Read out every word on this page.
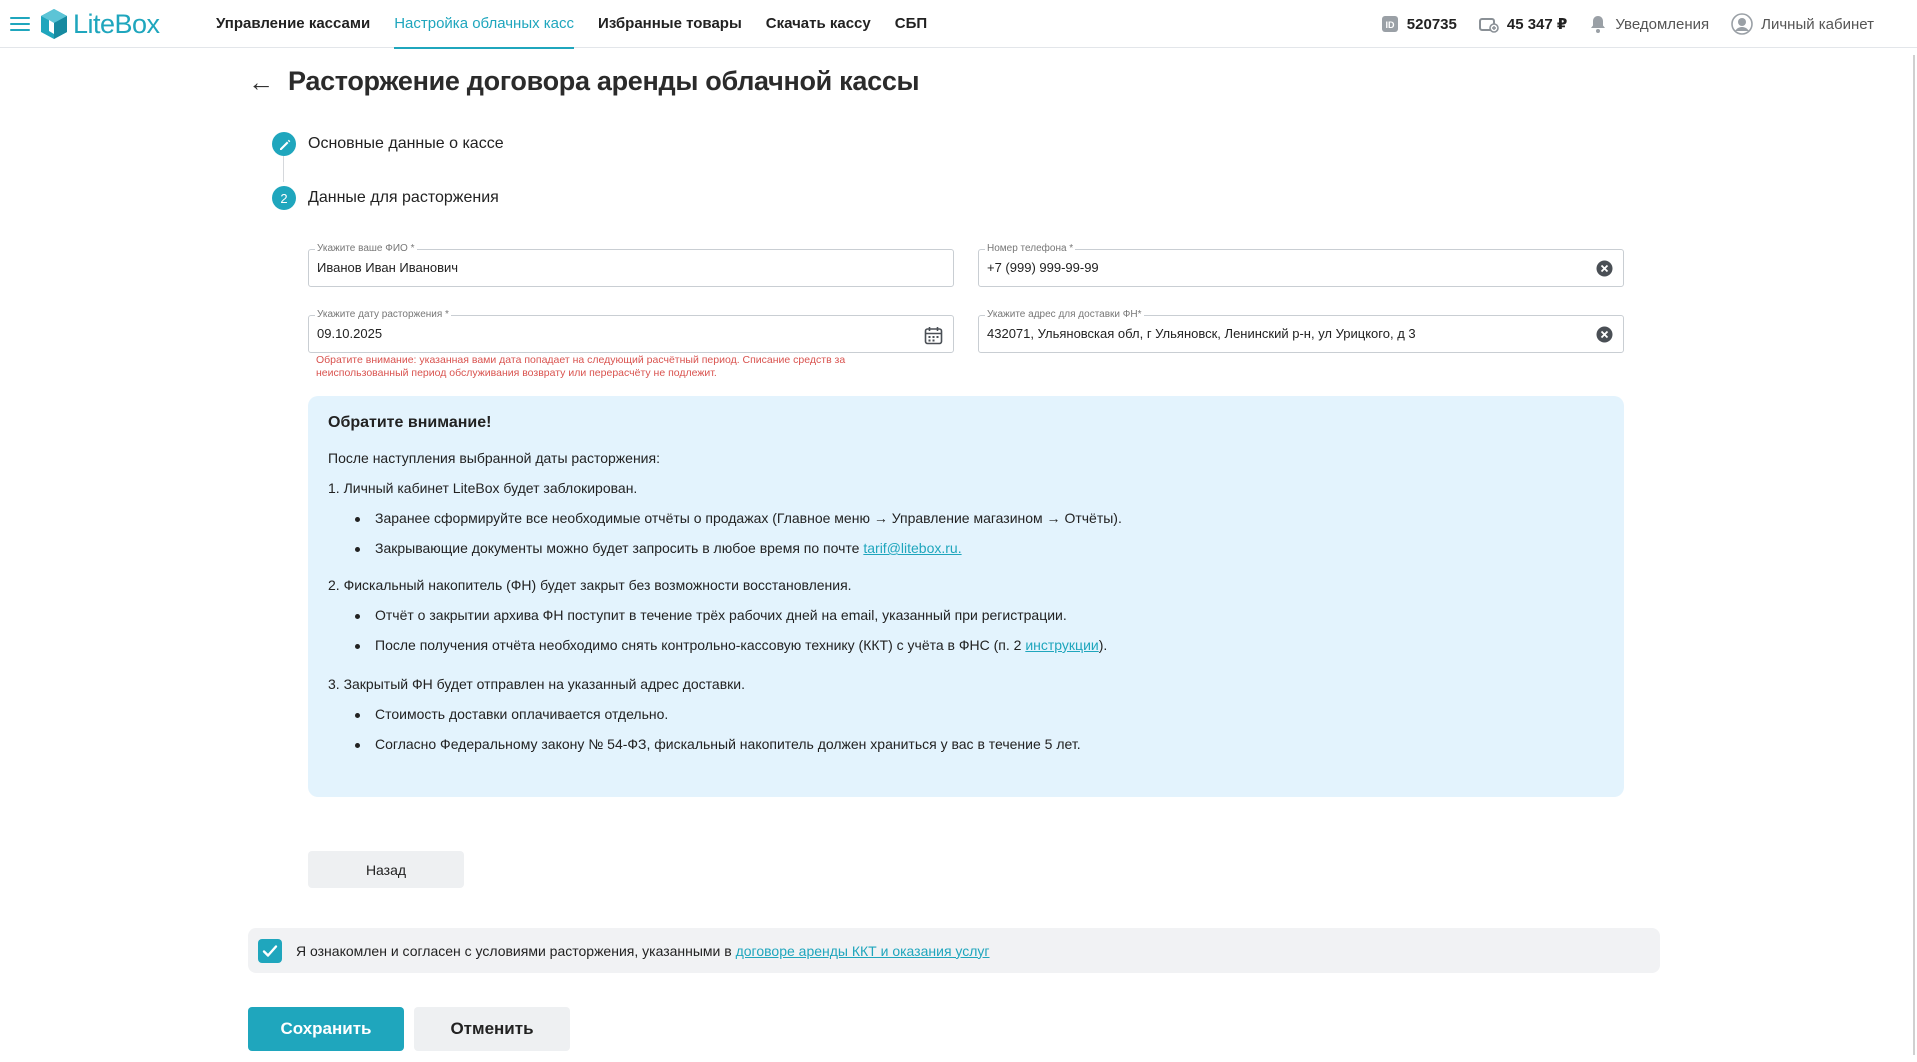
LiteBox	Управление кассами Настройка облачных касс Избранные товары Скачать кассу СБП	ID 520735	45 347 ₽	Уведомления	Личный кабинет
← Расторжение договора аренды облачной кассы
Основные данные о кассе
2	Данные для расторжения
Укажите ваше ФИО *
Иванов Иван Иванович
Номер телефона *
+7 (999) 999-99-99
Укажите дату расторжения *
09.10.2025
Укажите адрес для доставки ФН*
432071, Ульяновская обл, г Ульяновск, Ленинский р-н, ул Урицкого, д 3
Обратите внимание: указанная вами дата попадает на следующий расчётный период. Списание средств за
неиспользованный период обслуживания возврату или перерасчёту не подлежит.
Обратите внимание!
После наступления выбранной даты расторжения:
1. Личный кабинет LiteBox будет заблокирован.
Заранее сформируйте все необходимые отчёты о продажах (Главное меню → Управление магазином → Отчёты).
Закрывающие документы можно будет запросить в любое время по почте tarif@litebox.ru.
2. Фискальный накопитель (ФН) будет закрыт без возможности восстановления.
Отчёт о закрытии архива ФН поступит в течение трёх рабочих дней на email, указанный при регистрации.
После получения отчёта необходимо снять контрольно-кассовую технику (ККТ) с учёта в ФНС (п. 2 инструкции).
3. Закрытый ФН будет отправлен на указанный адрес доставки.
Стоимость доставки оплачивается отдельно.
Согласно Федеральному закону № 54-ФЗ, фискальный накопитель должен храниться у вас в течение 5 лет.
Назад
Я ознакомлен и согласен с условиями расторжения, указанными в договоре аренды ККТ и оказания услуг
Сохранить	Отменить
